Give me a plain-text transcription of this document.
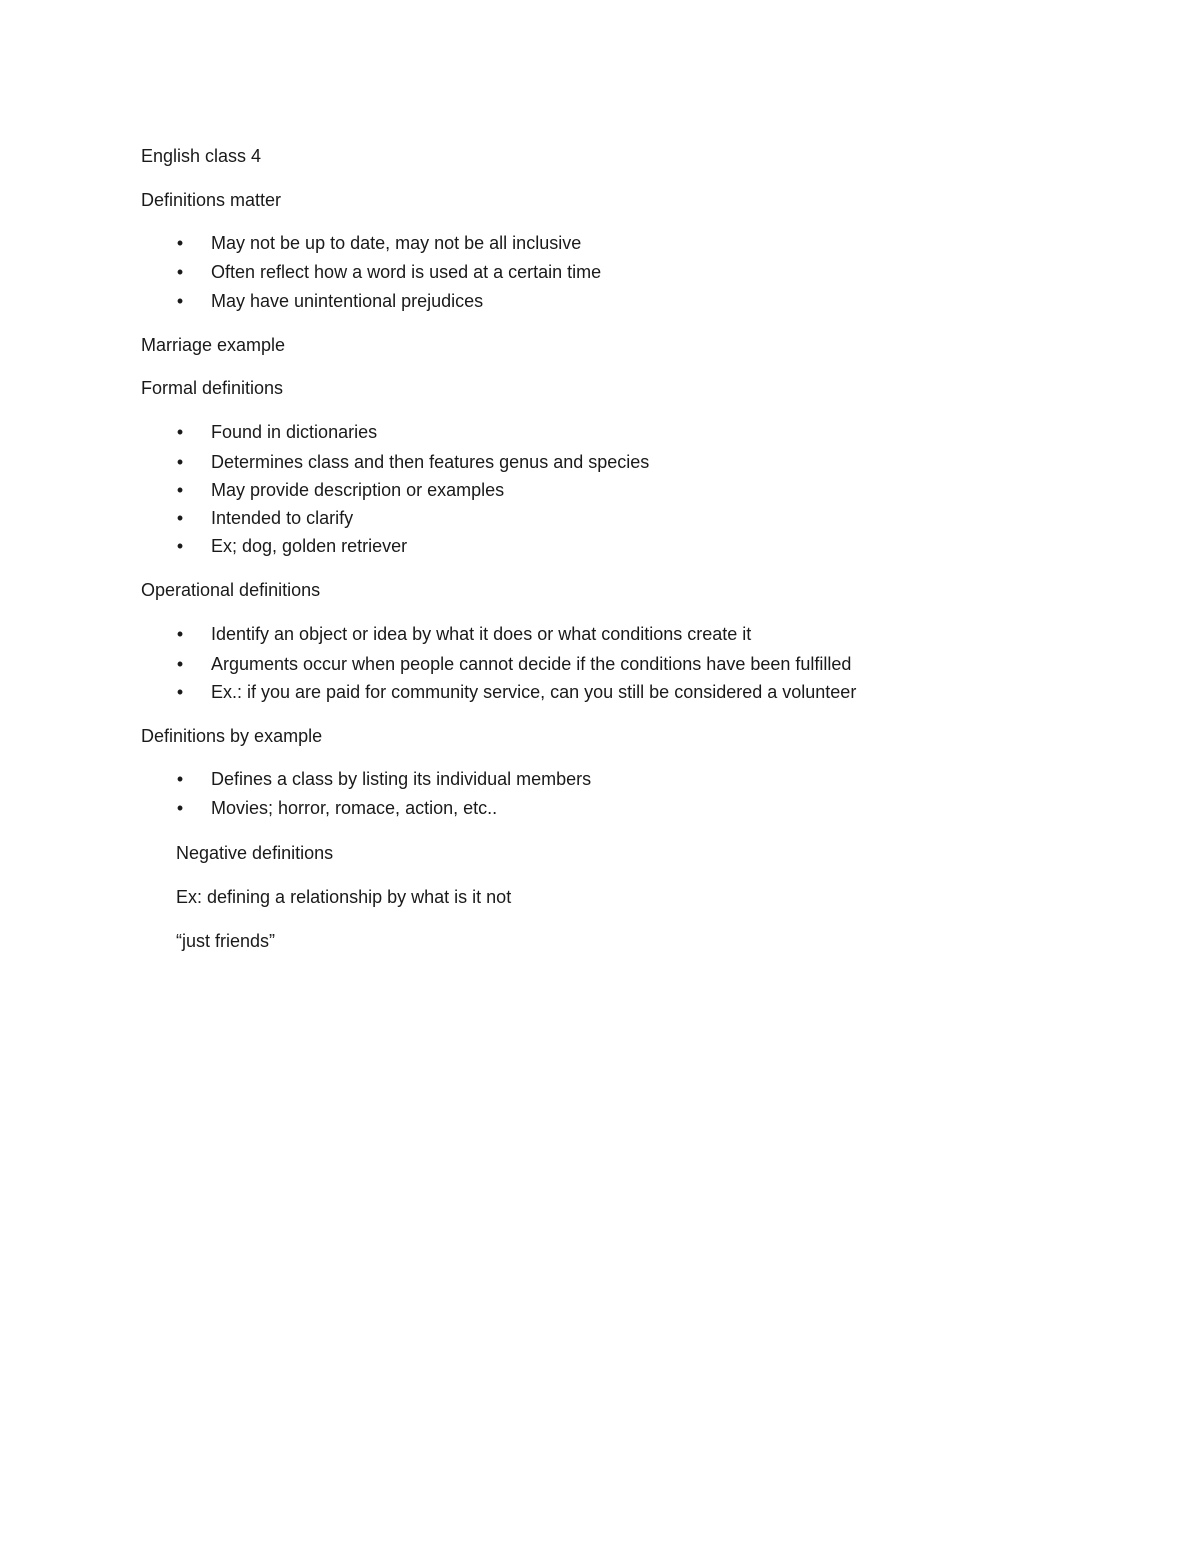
English class 4
Definitions matter
•
May not be up to date, may not be all inclusive
•
Often reflect how a word is used at a certain time
•
May have unintentional prejudices
Marriage example
Formal definitions
•
Found in dictionaries
•
Determines class and then features genus and species
•
May provide description or examples
•
Intended to clarify
•
Ex; dog, golden retriever
Operational definitions
•
Identify an object or idea by what it does or what conditions create it
•
Arguments occur when people cannot decide if the conditions have been fulfilled
•
Ex.: if you are paid for community service, can you still be considered a volunteer
Definitions by example
•
Defines a class by listing its individual members
•
Movies; horror, romace, action, etc..
Negative definitions
Ex: defining a relationship by what is it not
“just friends”
